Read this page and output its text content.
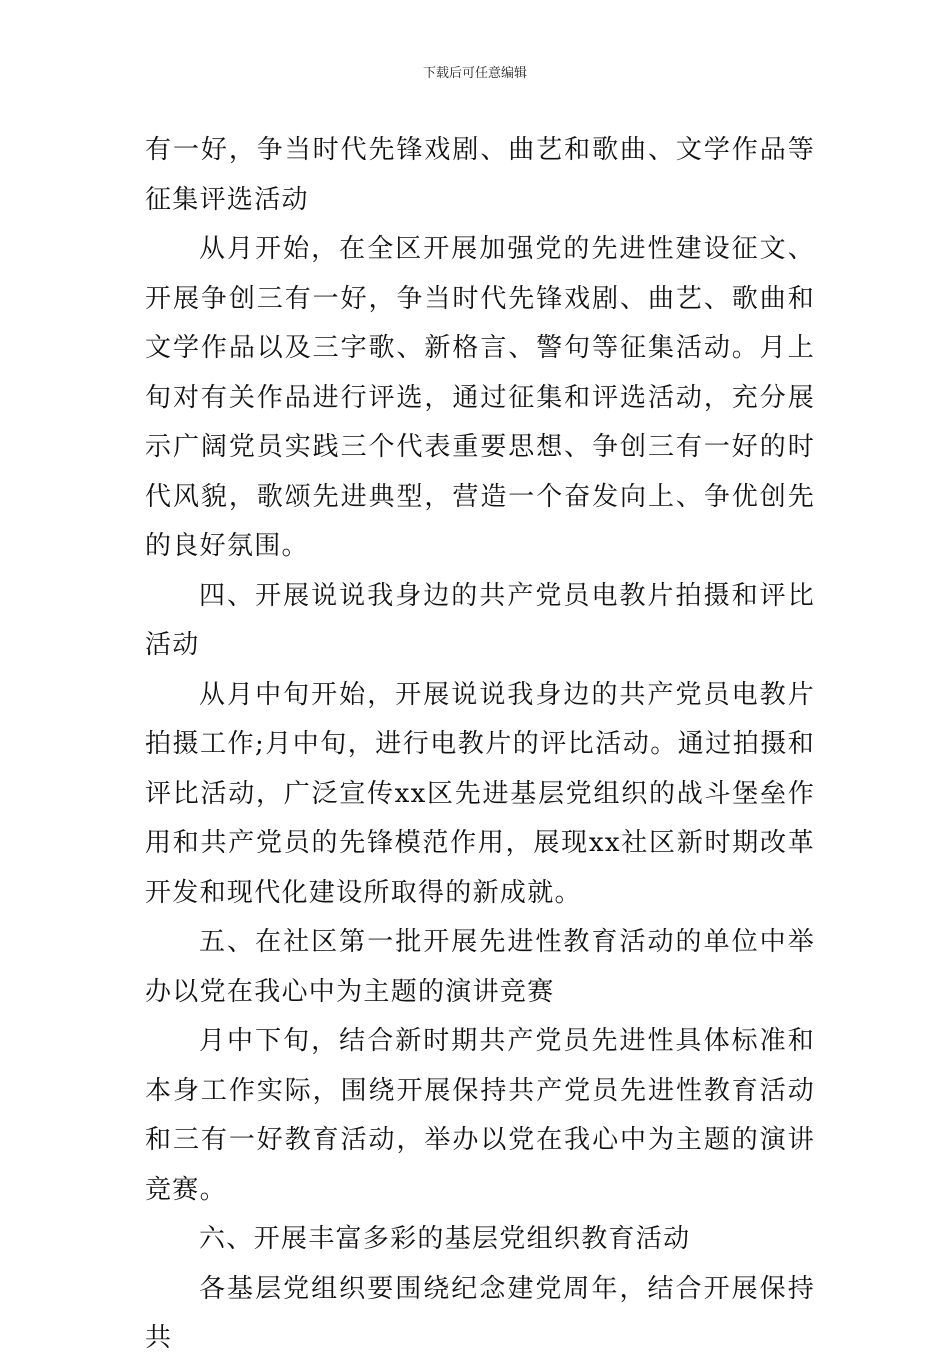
下载后可任意编辑

有一好，争当时代先锋戏剧、曲艺和歌曲、文学作品等征集评选活动

从月开始，在全区开展加强党的先进性建设征文、开展争创三有一好，争当时代先锋戏剧、曲艺、歌曲和文学作品以及三字歌、新格言、警句等征集活动。月上旬对有关作品进行评选，通过征集和评选活动，充分展示广阔党员实践三个代表重要思想、争创三有一好的时代风貌，歌颂先进典型，营造一个奋发向上、争优创先的良好氛围。

四、开展说说我身边的共产党员电教片拍摄和评比活动

从月中旬开始，开展说说我身边的共产党员电教片拍摄工作;月中旬，进行电教片的评比活动。通过拍摄和评比活动，广泛宣传xx区先进基层党组织的战斗堡垒作用和共产党员的先锋模范作用，展现xx社区新时期改革开发和现代化建设所取得的新成就。

五、在社区第一批开展先进性教育活动的单位中举办以党在我心中为主题的演讲竞赛

月中下旬，结合新时期共产党员先进性具体标准和本身工作实际，围绕开展保持共产党员先进性教育活动和三有一好教育活动，举办以党在我心中为主题的演讲竞赛。

六、开展丰富多彩的基层党组织教育活动

各基层党组织要围绕纪念建党周年，结合开展保持共
